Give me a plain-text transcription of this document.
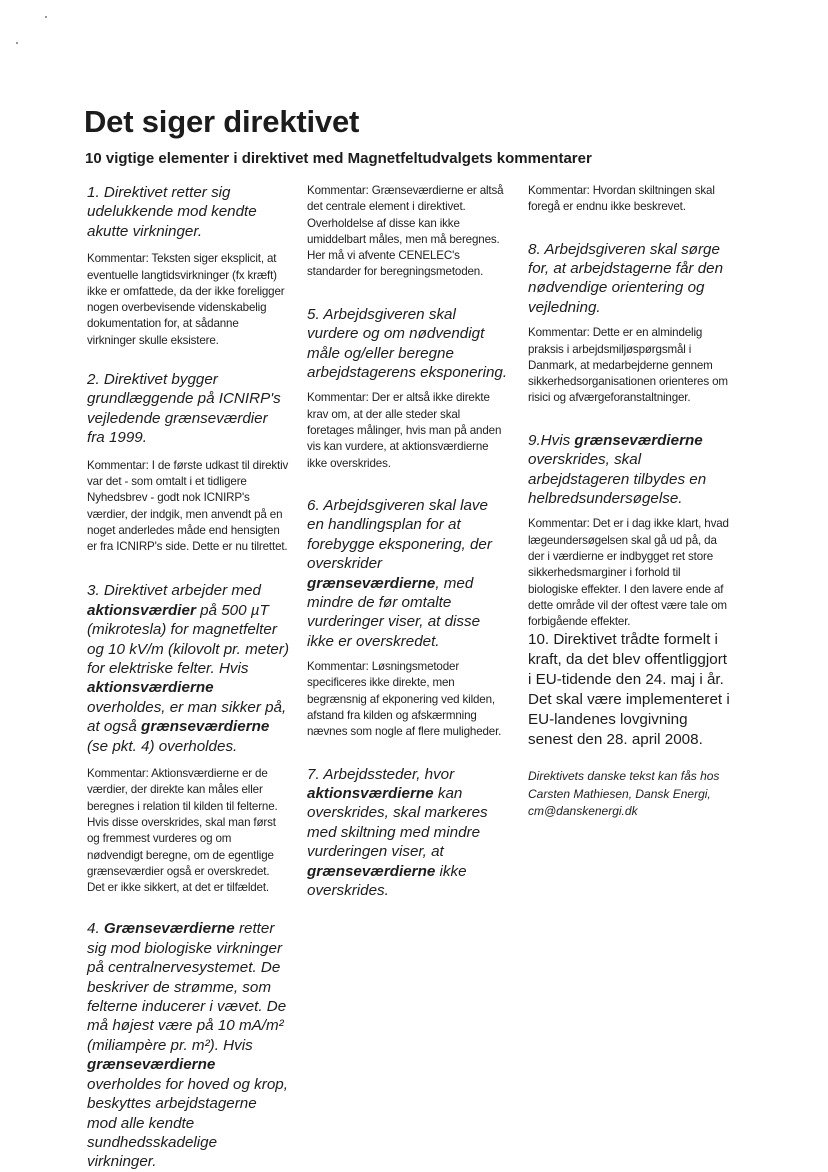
Det siger direktivet
10 vigtige elementer i direktivet med Magnetfeltudvalgets kommentarer

1. Direktivet retter sig udelukkende mod kendte akutte virkninger.

Kommentar: Teksten siger eksplicit, at eventuelle langtidsvirkninger (fx kræft) ikke er omfattede, da der ikke foreligger nogen overbevisende videnskabelig dokumentation for, at sådanne virkninger skulle eksistere.

2. Direktivet bygger grundlæggende på ICNIRP's vejledende grænseværdier fra 1999.

Kommentar: I de første udkast til direktiv var det - som omtalt i et tidligere Nyhedsbrev - godt nok ICNIRP's værdier, der indgik, men anvendt på en noget anderledes måde end hensigten er fra ICNIRP's side. Dette er nu tilrettet.

3. Direktivet arbejder med aktionsværdier på 500 µT (mikrotesla) for magnetfelter og 10 kV/m (kilovolt pr. meter) for elektriske felter. Hvis aktionsværdierne overholdes, er man sikker på, at også grænseværdierne (se pkt. 4) overholdes.

Kommentar: Aktionsværdierne er de værdier, der direkte kan måles eller beregnes i relation til kilden til felterne. Hvis disse overskrides, skal man først og fremmest vurderes og om nødvendigt beregne, om de egentlige grænseværdier også er overskredet. Det er ikke sikkert, at det er tilfældet.

4. Grænseværdierne retter sig mod biologiske virkninger på centralnervesystemet. De beskriver de strømme, som felterne inducerer i vævet. De må højest være på 10 mA/m² (miliampère pr. m²). Hvis grænseværdierne overholdes for hoved og krop, beskyttes arbejdstagerne mod alle kendte sundhedsskadelige virkninger.

Kommentar: Grænseværdierne er altså det centrale element i direktivet. Overholdelse af disse kan ikke umiddelbart måles, men må beregnes. Her må vi afvente CENELEC's standarder for beregningsmetoden.

5. Arbejdsgiveren skal vurdere og om nødvendigt måle og/eller beregne arbejdstagerens eksponering.

Kommentar: Der er altså ikke direkte krav om, at der alle steder skal foretages målinger, hvis man på anden vis kan vurdere, at aktionsværdierne ikke overskrides.

6. Arbejdsgiveren skal lave en handlingsplan for at forebygge eksponering, der overskrider grænseværdierne, med mindre de før omtalte vurderinger viser, at disse ikke er overskredet.

Kommentar: Løsningsmetoder specificeres ikke direkte, men begrænsnig af ekponering ved kilden, afstand fra kilden og afskærmning nævnes som nogle af flere muligheder.

7. Arbejdssteder, hvor aktionsværdierne kan overskrides, skal markeres med skiltning med mindre vurderingen viser, at grænseværdierne ikke overskrides.

Kommentar: Hvordan skiltningen skal foregå er endnu ikke beskrevet.

8. Arbejdsgiveren skal sørge for, at arbejdstagerne får den nødvendige orientering og vejledning.

Kommentar: Dette er en almindelig praksis i arbejdsmiljøspørgsmål i Danmark, at medarbejderne gennem sikkerhedsorganisationen orienteres om risici og afværgeforanstaltninger.

9.Hvis grænseværdierne overskrides, skal arbejdstageren tilbydes en helbredsundersøgelse.

Kommentar: Det er i dag ikke klart, hvad lægeundersøgelsen skal gå ud på, da der i værdierne er indbygget ret store sikkerhedsmarginer i forhold til biologiske effekter. I den lavere ende af dette område vil der oftest være tale om forbigående effekter.

10. Direktivet trådte formelt i kraft, da det blev offentliggjort i EU-tidende den 24. maj i år. Det skal være implementeret i EU-landenes lovgivning senest den 28. april 2008.

Direktivets danske tekst kan fås hos Carsten Mathiesen, Dansk Energi, cm@danskenergi.dk
